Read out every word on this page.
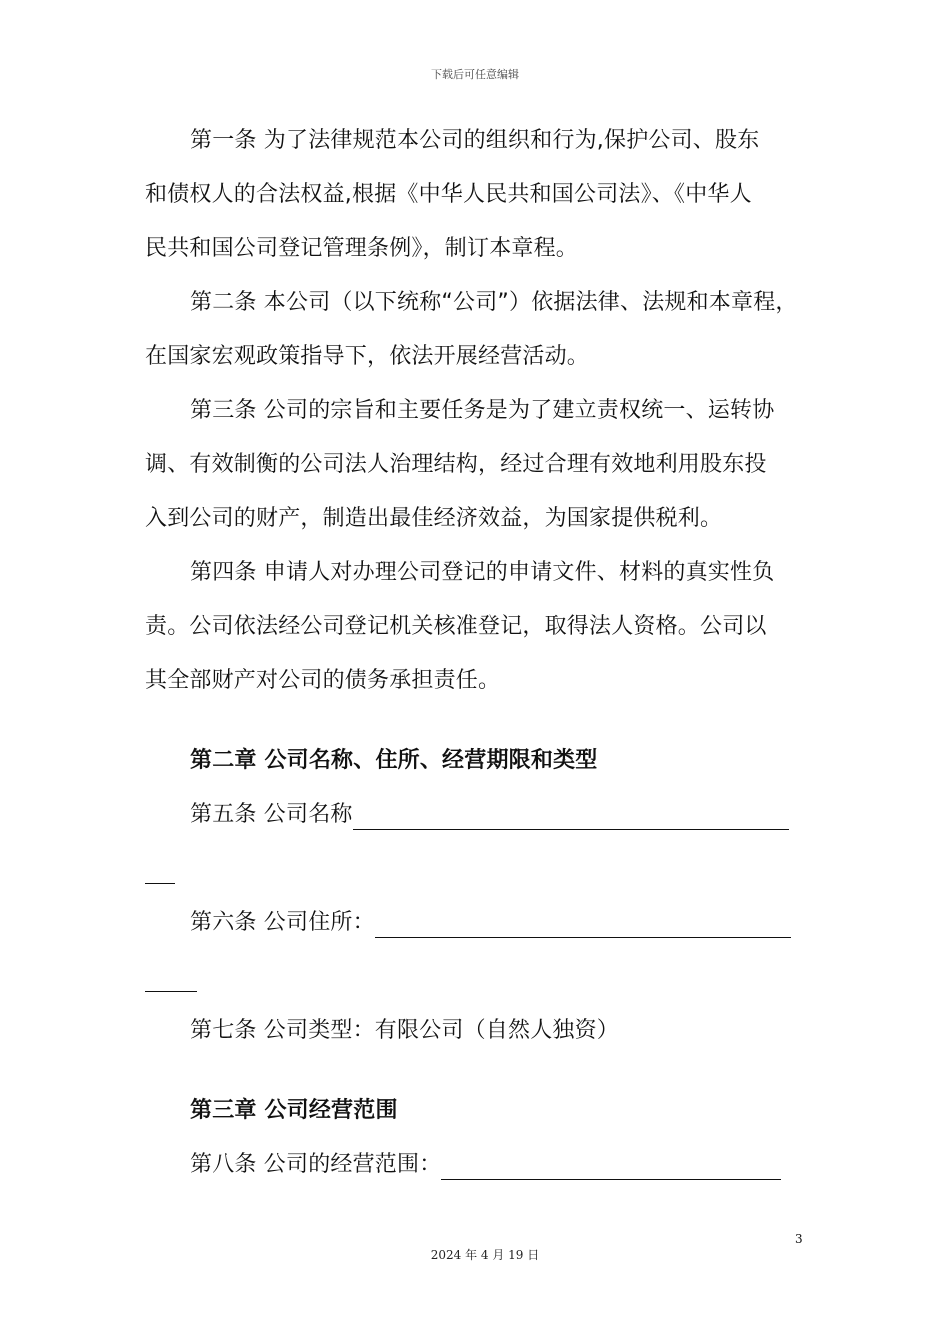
下载后可任意编辑
第一条 为了法律规范本公司的组织和行为,保护公司、股东
和债权人的合法权益,根据《中华人民共和国公司法》、《中华人
民共和国公司登记管理条例》，制订本章程。
第二条 本公司（以下统称“公司”）依据法律、法规和本章程，
在国家宏观政策指导下，依法开展经营活动。
第三条 公司的宗旨和主要任务是为了建立责权统一、运转协
调、有效制衡的公司法人治理结构，经过合理有效地利用股东投
入到公司的财产，制造出最佳经济效益，为国家提供税利。
第四条 申请人对办理公司登记的申请文件、材料的真实性负
责。公司依法经公司登记机关核准登记，取得法人资格。公司以
其全部财产对公司的债务承担责任。
第二章 公司名称、住所、经营期限和类型
第五条 公司名称
第六条 公司住所：
第七条 公司类型：有限公司（自然人独资）
第三章 公司经营范围
第八条 公司的经营范围：
3
2024 年 4 月 19 日
